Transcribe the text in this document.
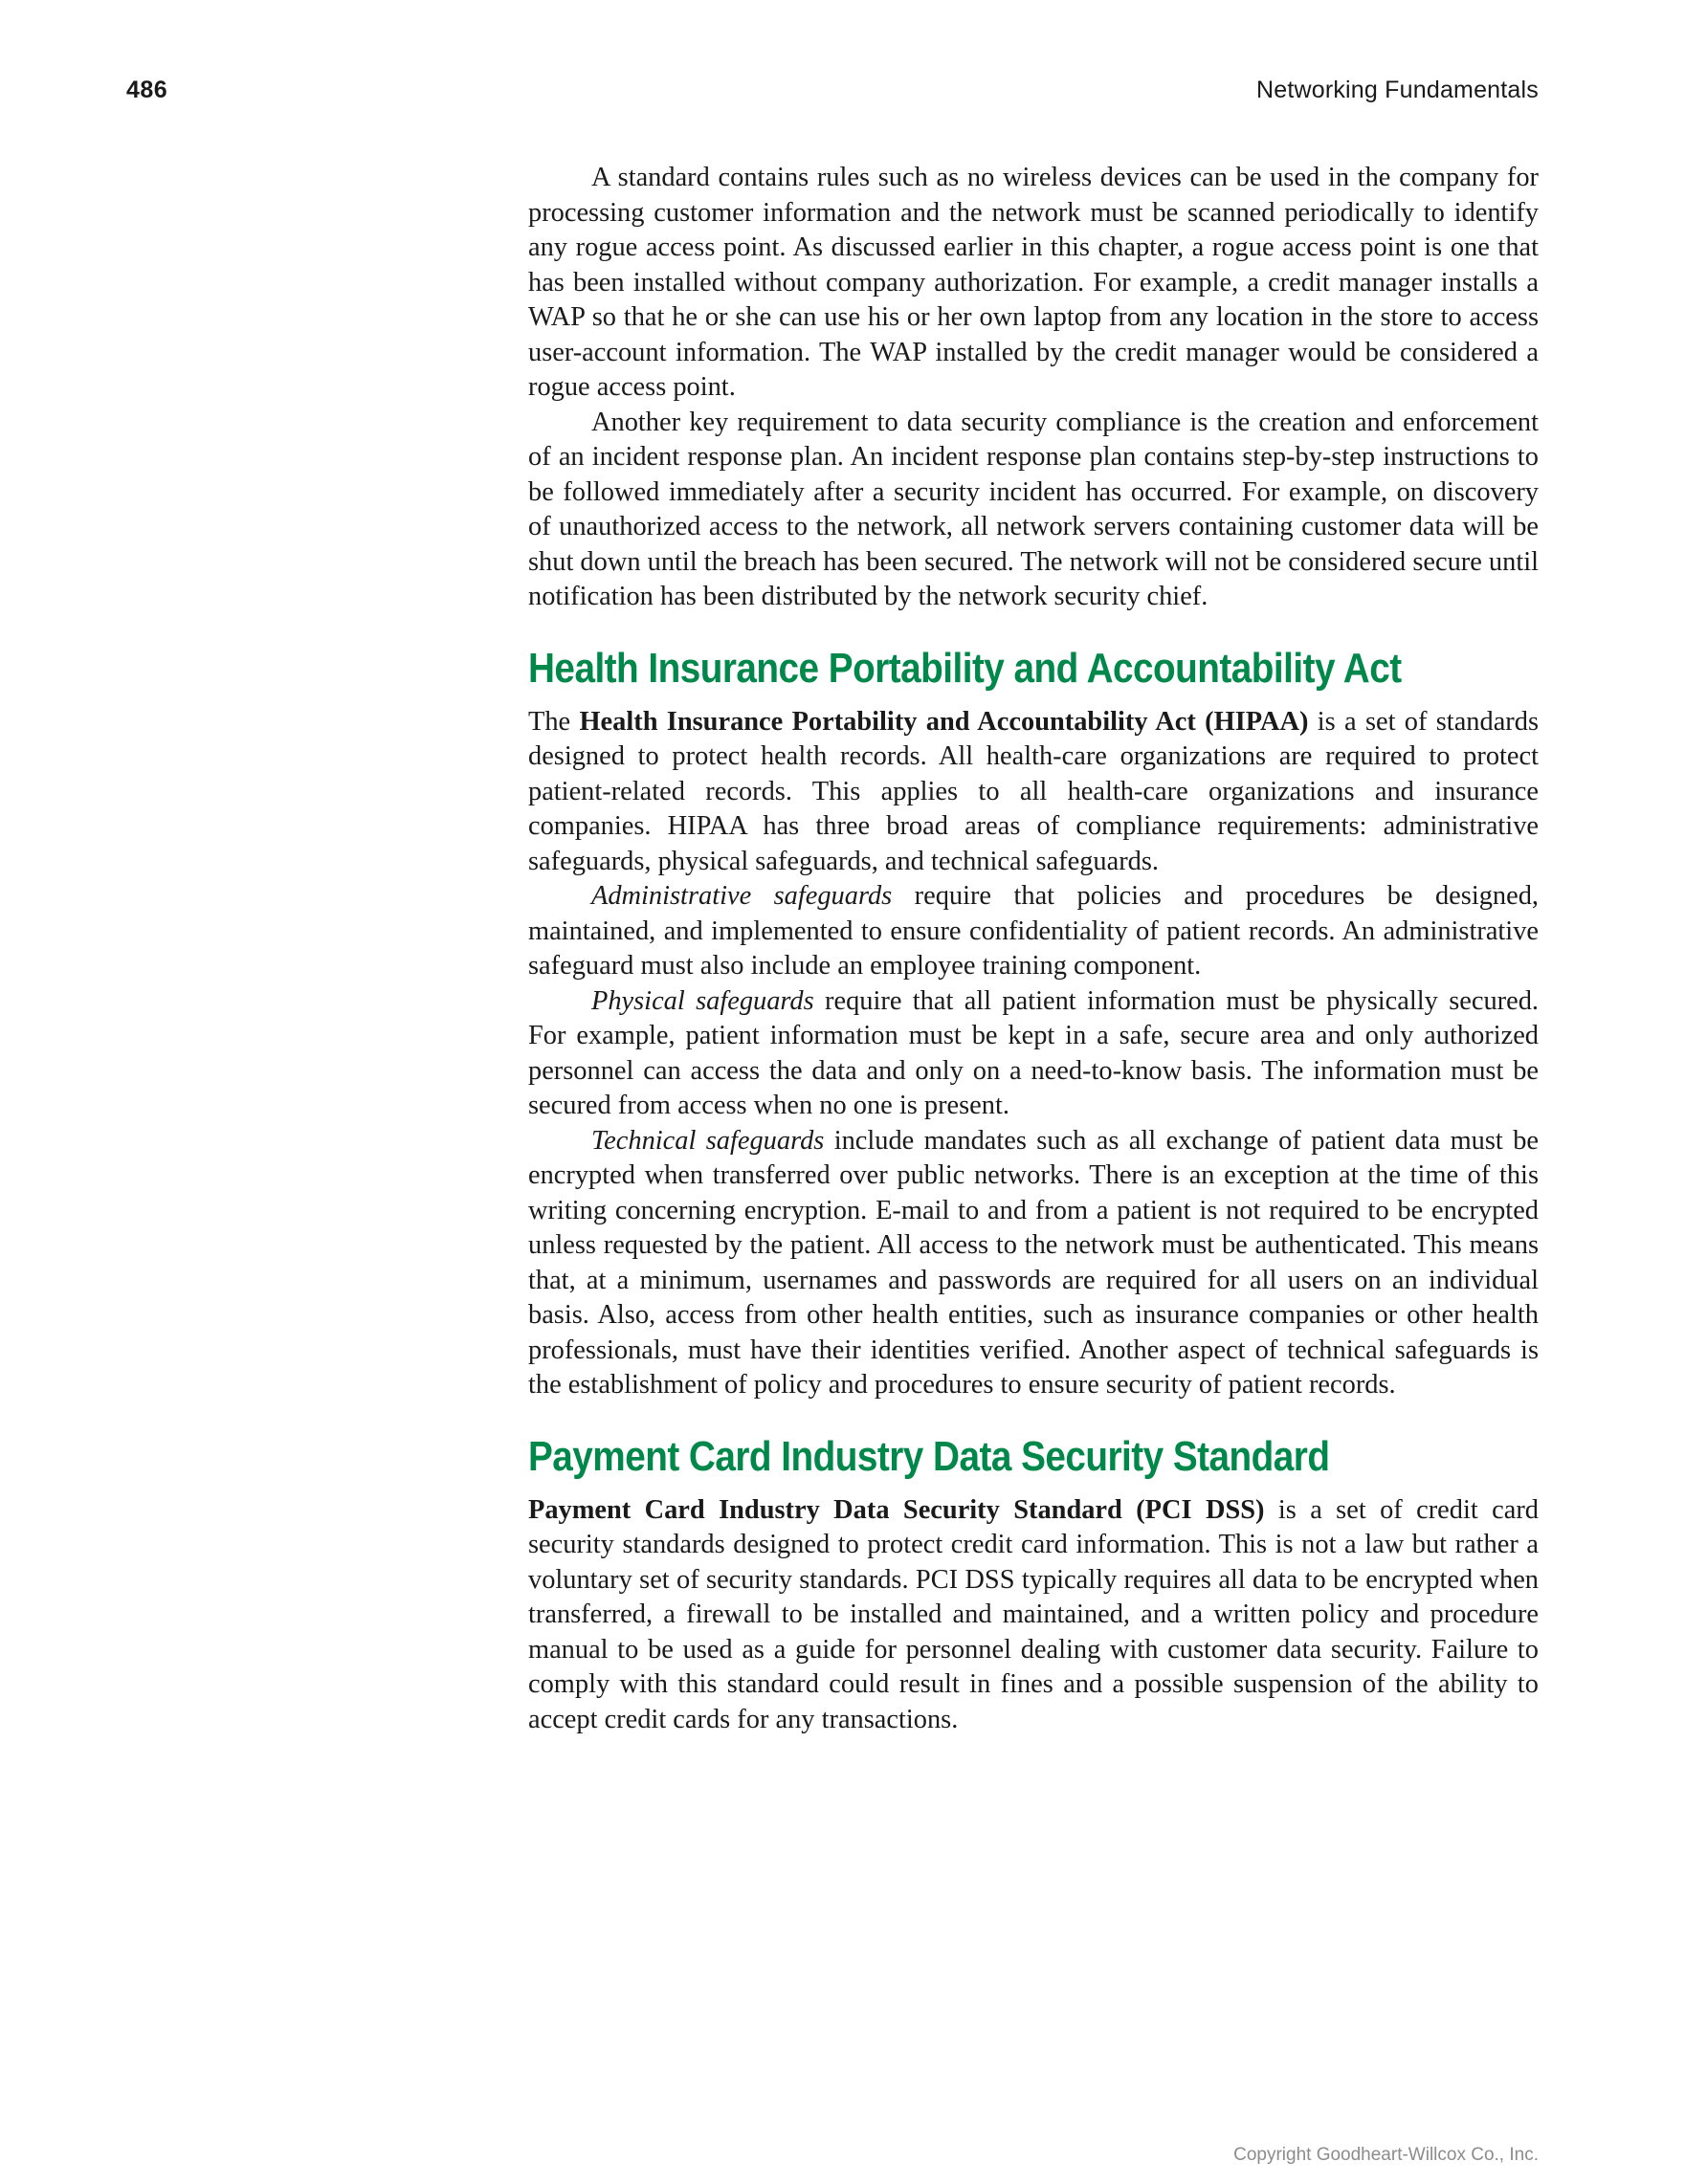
486	Networking Fundamentals

A standard contains rules such as no wireless devices can be used in the company for processing customer information and the network must be scanned periodically to identify any rogue access point. As discussed earlier in this chapter, a rogue access point is one that has been installed without company authorization. For example, a credit manager installs a WAP so that he or she can use his or her own laptop from any location in the store to access user-account information. The WAP installed by the credit manager would be considered a rogue access point.

Another key requirement to data security compliance is the creation and enforcement of an incident response plan. An incident response plan contains step-by-step instructions to be followed immediately after a security incident has occurred. For example, on discovery of unauthorized access to the network, all network servers containing customer data will be shut down until the breach has been secured. The network will not be considered secure until notification has been distributed by the network security chief.

Health Insurance Portability and Accountability Act

The Health Insurance Portability and Accountability Act (HIPAA) is a set of standards designed to protect health records. All health-care organizations are required to protect patient-related records. This applies to all health-care organizations and insurance companies. HIPAA has three broad areas of compliance requirements: administrative safeguards, physical safeguards, and technical safeguards.

Administrative safeguards require that policies and procedures be designed, maintained, and implemented to ensure confidentiality of patient records. An administrative safeguard must also include an employee training component.

Physical safeguards require that all patient information must be physically secured. For example, patient information must be kept in a safe, secure area and only authorized personnel can access the data and only on a need-to-know basis. The information must be secured from access when no one is present.

Technical safeguards include mandates such as all exchange of patient data must be encrypted when transferred over public networks. There is an exception at the time of this writing concerning encryption. E-mail to and from a patient is not required to be encrypted unless requested by the patient. All access to the network must be authenticated. This means that, at a minimum, usernames and passwords are required for all users on an individual basis. Also, access from other health entities, such as insurance companies or other health professionals, must have their identities verified. Another aspect of technical safeguards is the establishment of policy and procedures to ensure security of patient records.

Payment Card Industry Data Security Standard

Payment Card Industry Data Security Standard (PCI DSS) is a set of credit card security standards designed to protect credit card information. This is not a law but rather a voluntary set of security standards. PCI DSS typically requires all data to be encrypted when transferred, a firewall to be installed and maintained, and a written policy and procedure manual to be used as a guide for personnel dealing with customer data security. Failure to comply with this standard could result in fines and a possible suspension of the ability to accept credit cards for any transactions.

Copyright Goodheart-Willcox Co., Inc.
